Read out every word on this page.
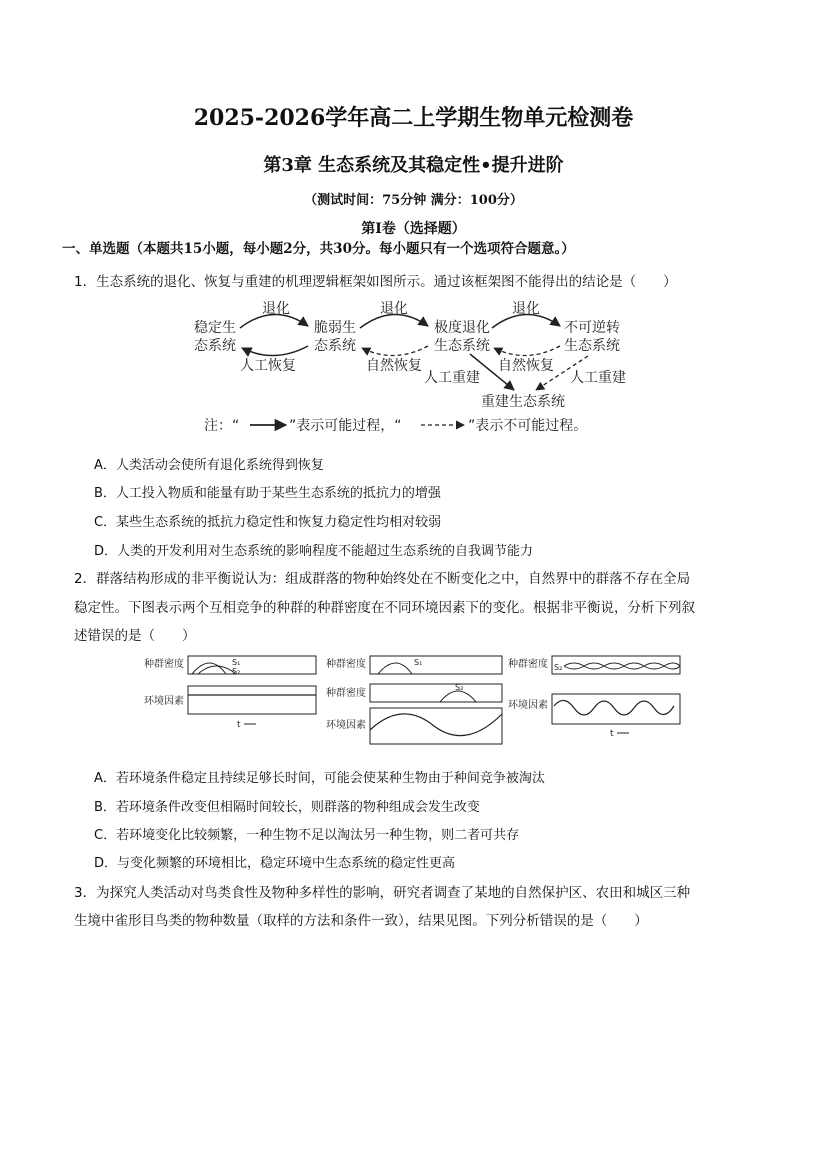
2025-2026学年高二上学期生物单元检测卷
第3章 生态系统及其稳定性•提升进阶
（测试时间：75分钟 满分：100分）
第Ⅰ卷（选择题）
一、单选题（本题共15小题，每小题2分，共30分。每小题只有一个选项符合题意。）
1．生态系统的退化、恢复与重建的机理逻辑框架如图所示。通过该框架图不能得出的结论是（　　）
稳定生
态系统
脆弱生
态系统
极度退化
生态系统
不可逆转
生态系统
重建生态系统
退化	退化	退化
人工恢复	自然恢复	自然恢复
人工重建	人工重建
注：“	”表示可能过程，“	”表示不可能过程。
A．人类活动会使所有退化系统得到恢复
B．人工投入物质和能量有助于某些生态系统的抵抗力的增强
C．某些生态系统的抵抗力稳定性和恢复力稳定性均相对较弱
D．人类的开发利用对生态系统的影响程度不能超过生态系统的自我调节能力
2．群落结构形成的非平衡说认为：组成群落的物种始终处在不断变化之中，自然界中的群落不存在全局
稳定性。下图表示两个互相竞争的种群的种群密度在不同环境因素下的变化。根据非平衡说，分析下列叙
述错误的是（　　）
种群密度	S₁
S₂
环境因素
t
种群密度	S₁
种群密度
S₂
环境因素
种群密度 S₂
环境因素
t
A．若环境条件稳定且持续足够长时间，可能会使某种生物由于种间竞争被淘汰
B．若环境条件改变但相隔时间较长，则群落的物种组成会发生改变
C．若环境变化比较频繁，一种生物不足以淘汰另一种生物，则二者可共存
D．与变化频繁的环境相比，稳定环境中生态系统的稳定性更高
3．为探究人类活动对鸟类食性及物种多样性的影响，研究者调查了某地的自然保护区、农田和城区三种
生境中雀形目鸟类的物种数量（取样的方法和条件一致），结果见图。下列分析错误的是（　　）
